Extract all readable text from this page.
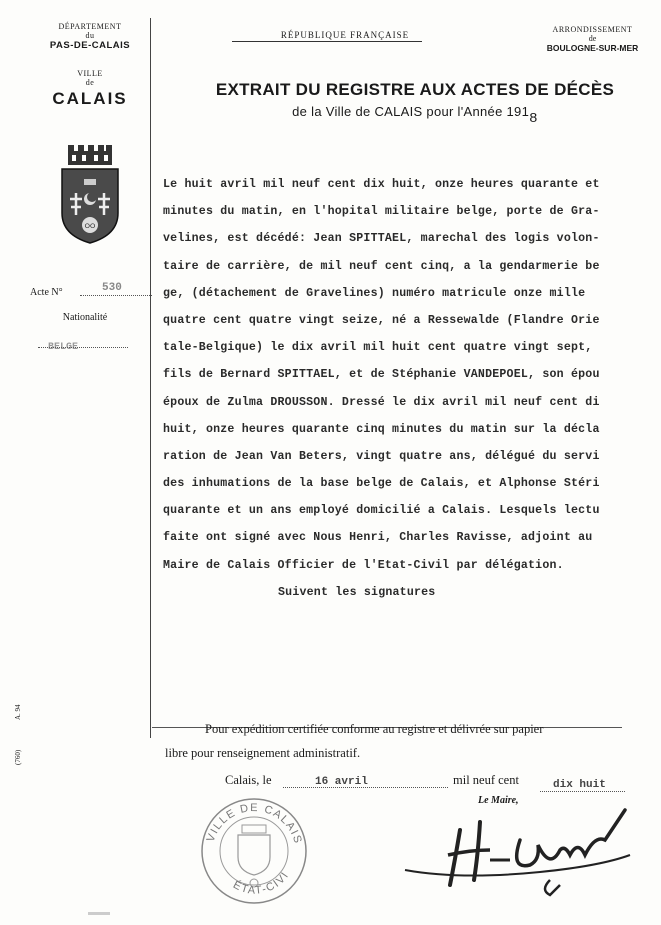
DÉPARTEMENT
du
PAS-DE-CALAIS
VILLE
de
CALAIS
ⵔⵔ
RÉPUBLIQUE FRANÇAISE
EXTRAIT DU REGISTRE AUX ACTES DE DÉCÈS
de la Ville de CALAIS pour l'Année 1918
ARRONDISSEMENT
de
BOULOGNE-SUR-MER
Acte N°	530
Nationalité
BELGE
(760)
A. 94
Le huit avril mil neuf cent dix huit, onze heures quarante et
minutes du matin, en l'hopital militaire belge, porte de Gra-
velines, est décédé: Jean SPITTAEL, marechal des logis volon-
taire de carrière, de mil neuf cent cinq, a la gendarmerie be
ge, (détachement de Gravelines) numéro matricule onze mille
quatre cent quatre vingt seize, né a Ressewalde (Flandre Orie
tale-Belgique) le dix avril mil huit cent quatre vingt sept,
fils de Bernard SPITTAEL, et de Stéphanie VANDEPOEL, son épou
époux de Zulma DROUSSON. Dressé le dix avril mil neuf cent di
huit, onze heures quarante cinq minutes du matin sur la décla
ration de Jean Van Beters, vingt quatre ans, délégué du servi
des inhumations de la base belge de Calais, et Alphonse Stéri
quarante et un ans employé domicilié a Calais. Lesquels lectu
faite ont signé avec Nous Henri, Charles Ravisse, adjoint au
Maire de Calais Officier de l'Etat-Civil par délégation.
Suivent les signatures
Pour expédition certifiée conforme au registre et délivrée sur papier
libre pour renseignement administratif.
Calais, le	16 avril	mil neuf cent	dix huit
Le Maire,
VILLE DE CALAIS
ÉTAT-CIVI
